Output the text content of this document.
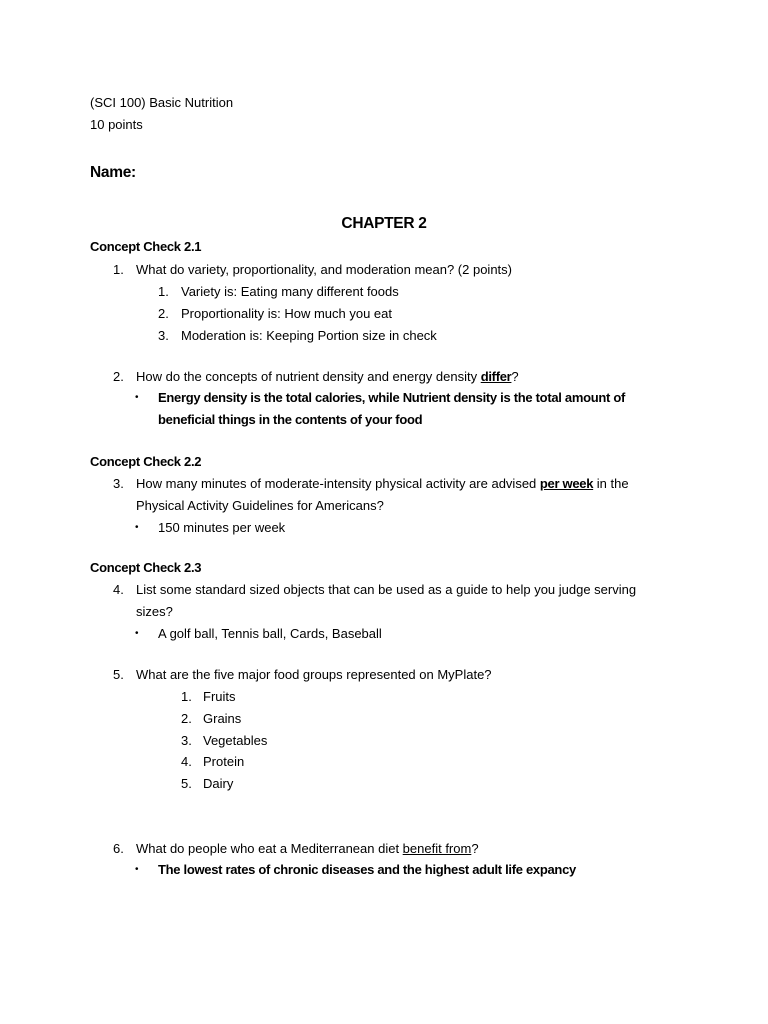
(SCI 100) Basic Nutrition
10 points
Name:
CHAPTER 2
Concept Check 2.1
1. What do variety, proportionality, and moderation mean? (2 points)
1. Variety is: Eating many different foods
2. Proportionality is: How much you eat
3. Moderation is: Keeping Portion size in check
2. How do the concepts of nutrient density and energy density differ?
• Energy density is the total calories, while Nutrient density is the total amount of
beneficial things in the contents of your food
Concept Check 2.2
3. How many minutes of moderate-intensity physical activity are advised per week in the
Physical Activity Guidelines for Americans?
• 150 minutes per week
Concept Check 2.3
4. List some standard sized objects that can be used as a guide to help you judge serving
sizes?
• A golf ball, Tennis ball, Cards, Baseball
5. What are the five major food groups represented on MyPlate?
1. Fruits
2. Grains
3. Vegetables
4. Protein
5. Dairy
6. What do people who eat a Mediterranean diet benefit from?
• The lowest rates of chronic diseases and the highest adult life expancy
